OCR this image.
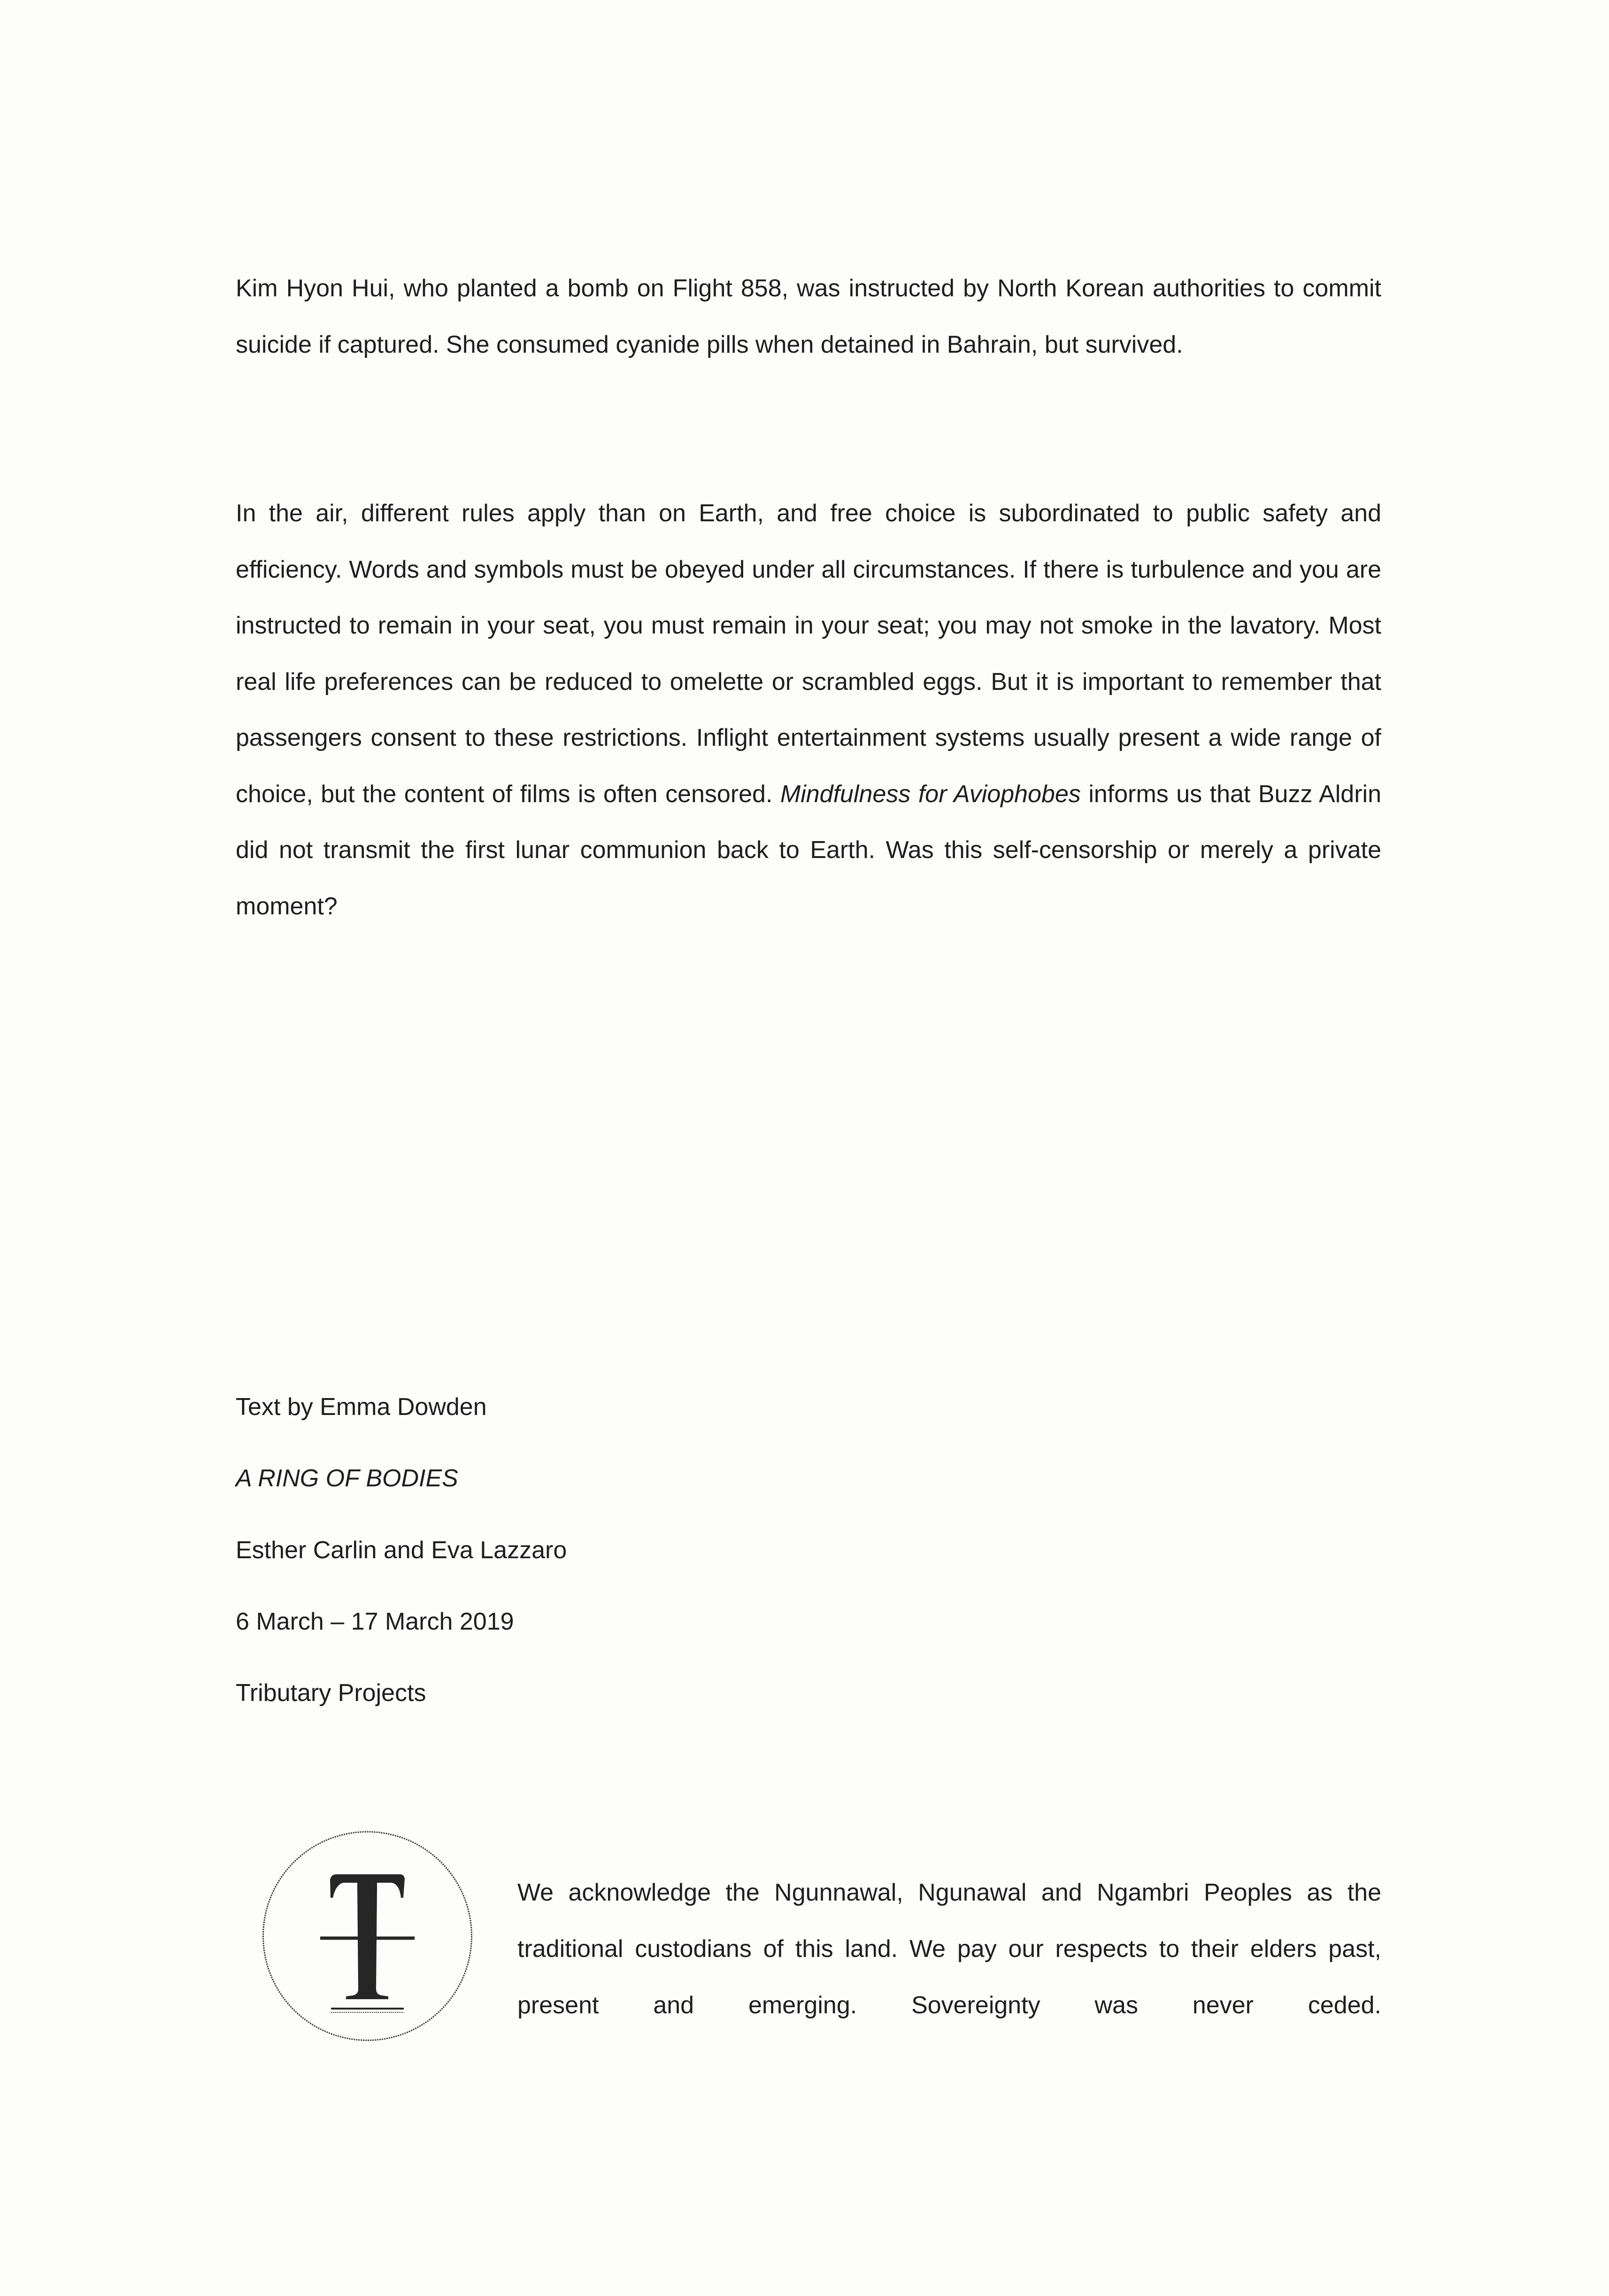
Kim Hyon Hui, who planted a bomb on Flight 858, was instructed by North Korean authorities to commit suicide if captured. She consumed cyanide pills when detained in Bahrain, but survived.

In the air, different rules apply than on Earth, and free choice is subordinated to public safety and efficiency. Words and symbols must be obeyed under all circumstances. If there is turbulence and you are instructed to remain in your seat, you must remain in your seat; you may not smoke in the lavatory. Most real life preferences can be reduced to omelette or scrambled eggs. But it is important to remember that passengers consent to these restrictions. Inflight entertainment systems usually present a wide range of choice, but the content of films is often censored. Mindfulness for Aviophobes informs us that Buzz Aldrin did not transmit the first lunar communion back to Earth. Was this self-censorship or merely a private moment?

Text by Emma Dowden

A RING OF BODIES

Esther Carlin and Eva Lazzaro

6 March – 17 March 2019

Tributary Projects

We acknowledge the Ngunnawal, Ngunawal and Ngambri Peoples as the traditional custodians of this land. We pay our respects to their elders past, present and emerging. Sovereignty was never ceded.
